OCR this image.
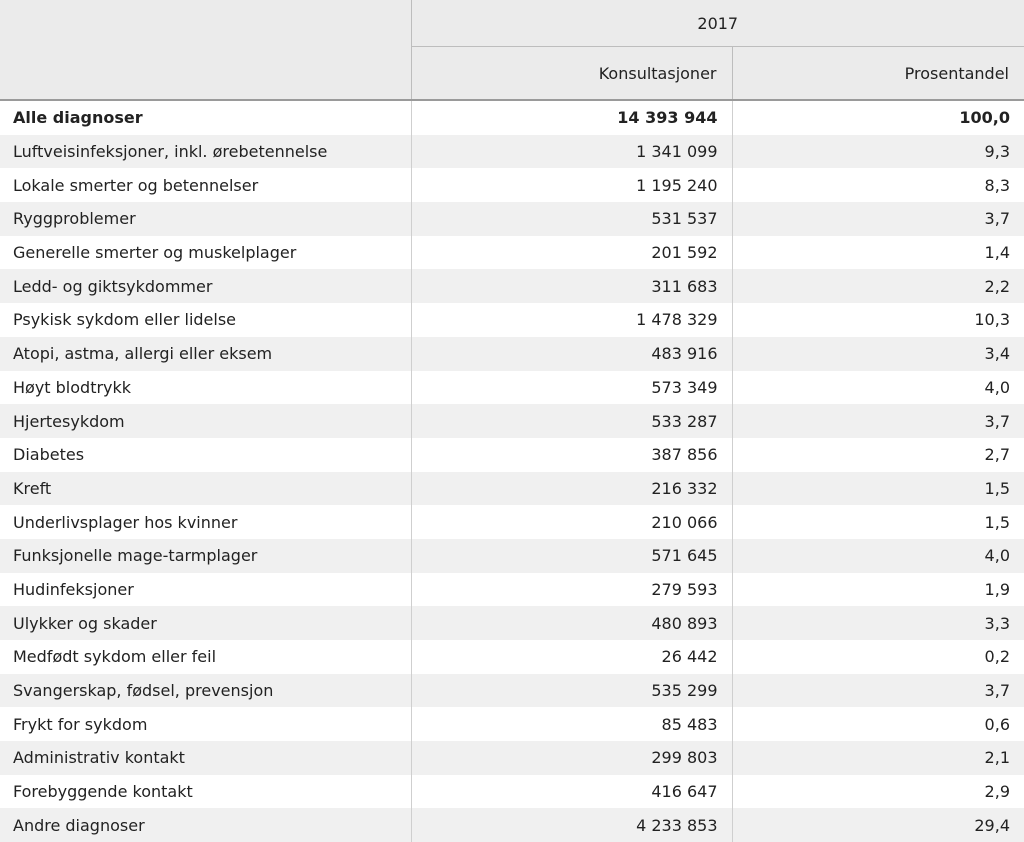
	2017	
	Konsultasjoner	Prosentandel
Alle diagnoser	14 393 944	100,0
Luftveisinfeksjoner, inkl. ørebetennelse	1 341 099	9,3
Lokale smerter og betennelser	1 195 240	8,3
Ryggproblemer	531 537	3,7
Generelle smerter og muskelplager	201 592	1,4
Ledd- og giktsykdommer	311 683	2,2
Psykisk sykdom eller lidelse	1 478 329	10,3
Atopi, astma, allergi eller eksem	483 916	3,4
Høyt blodtrykk	573 349	4,0
Hjertesykdom	533 287	3,7
Diabetes	387 856	2,7
Kreft	216 332	1,5
Underlivsplager hos kvinner	210 066	1,5
Funksjonelle mage-tarmplager	571 645	4,0
Hudinfeksjoner	279 593	1,9
Ulykker og skader	480 893	3,3
Medfødt sykdom eller feil	26 442	0,2
Svangerskap, fødsel, prevensjon	535 299	3,7
Frykt for sykdom	85 483	0,6
Administrativ kontakt	299 803	2,1
Forebyggende kontakt	416 647	2,9
Andre diagnoser	4 233 853	29,4
